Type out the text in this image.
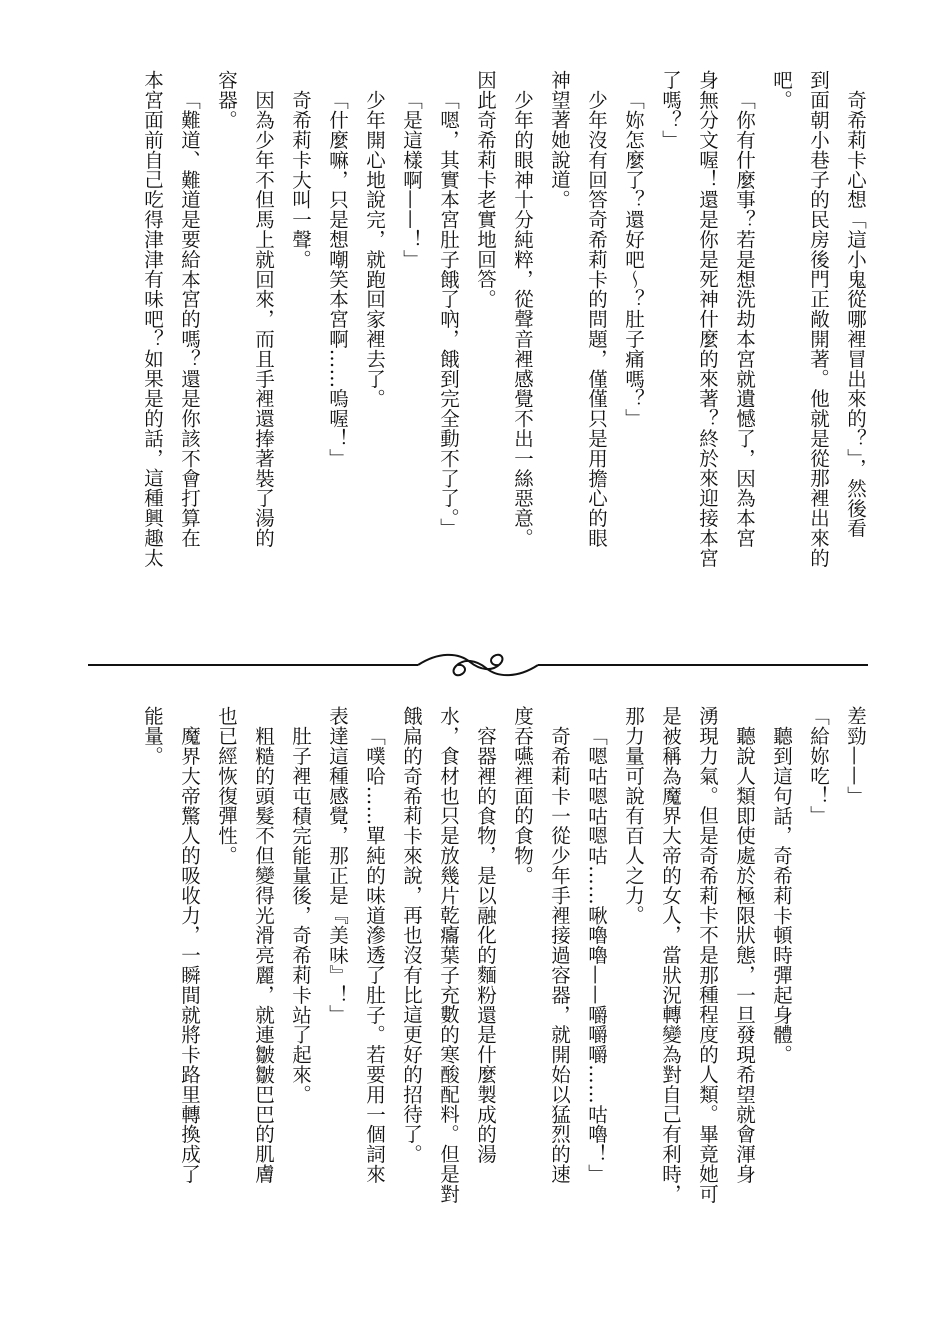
奇希莉卡心想「這小鬼從哪裡冒出來的？」，然後看
到面朝小巷子的民房後門正敞開著。他就是從那裡出來的
吧。
「你有什麼事？若是想洗劫本宮就遺憾了，因為本宮
身無分文喔！還是你是死神什麼的來著？終於來迎接本宮
了嗎？」
「妳怎麼了？還好吧～？肚子痛嗎？」
少年沒有回答奇希莉卡的問題，僅僅只是用擔心的眼
神望著她說道。
少年的眼神十分純粹，從聲音裡感覺不出一絲惡意。
因此奇希莉卡老實地回答。
「嗯，其實本宮肚子餓了吶，餓到完全動不了了。」
「是這樣啊——！」
少年開心地說完，就跑回家裡去了。
「什麼嘛，只是想嘲笑本宮啊……嗚喔！」
奇希莉卡大叫一聲。
因為少年不但馬上就回來，而且手裡還捧著裝了湯的
容器。
「難道、難道是要給本宮的嗎？還是你該不會打算在
本宮面前自己吃得津津有味吧？如果是的話，這種興趣太
差勁——」
「給妳吃！」
聽到這句話，奇希莉卡頓時彈起身體。
聽說人類即使處於極限狀態，一旦發現希望就會渾身
湧現力氣。但是奇希莉卡不是那種程度的人類。畢竟她可
是被稱為魔界大帝的女人，當狀況轉變為對自己有利時，
那力量可說有百人之力。
「嗯咕嗯咕嗯咕……啾嚕嚕——嚼嚼嚼……咕嚕！」
奇希莉卡一從少年手裡接過容器，就開始以猛烈的速
度吞嚥裡面的食物。
容器裡的食物，是以融化的麵粉還是什麼製成的湯
水，食材也只是放幾片乾癟葉子充數的寒酸配料。但是對
餓扁的奇希莉卡來說，再也沒有比這更好的招待了。
「噗哈……單純的味道滲透了肚子。若要用一個詞來
表達這種感覺，那正是『美味』！」
肚子裡屯積完能量後，奇希莉卡站了起來。
粗糙的頭髮不但變得光滑亮麗，就連皺皺巴巴的肌膚
也已經恢復彈性。
魔界大帝驚人的吸收力，一瞬間就將卡路里轉換成了
能量。
